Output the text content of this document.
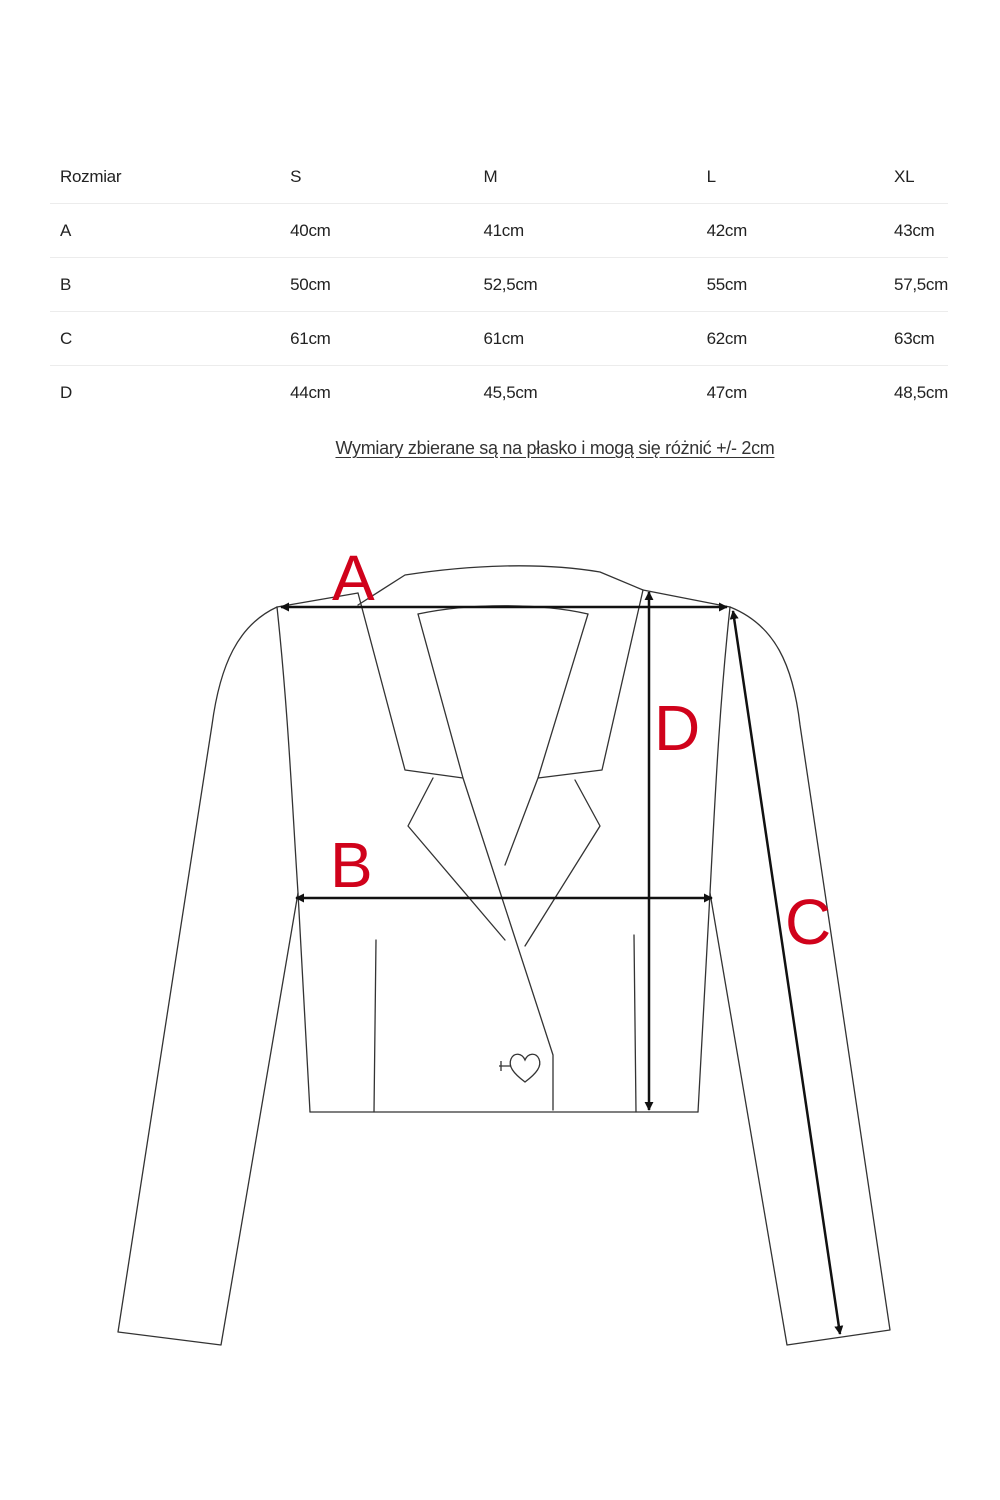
Rozmiar	S	M	L	XL
A	40cm	41cm	42cm	43cm
B	50cm	52,5cm	55cm	57,5cm
C	61cm	61cm	62cm	63cm
D	44cm	45,5cm	47cm	48,5cm
Wymiary zbierane są na płasko i mogą się różnić +/- 2cm
A
B
C
D
